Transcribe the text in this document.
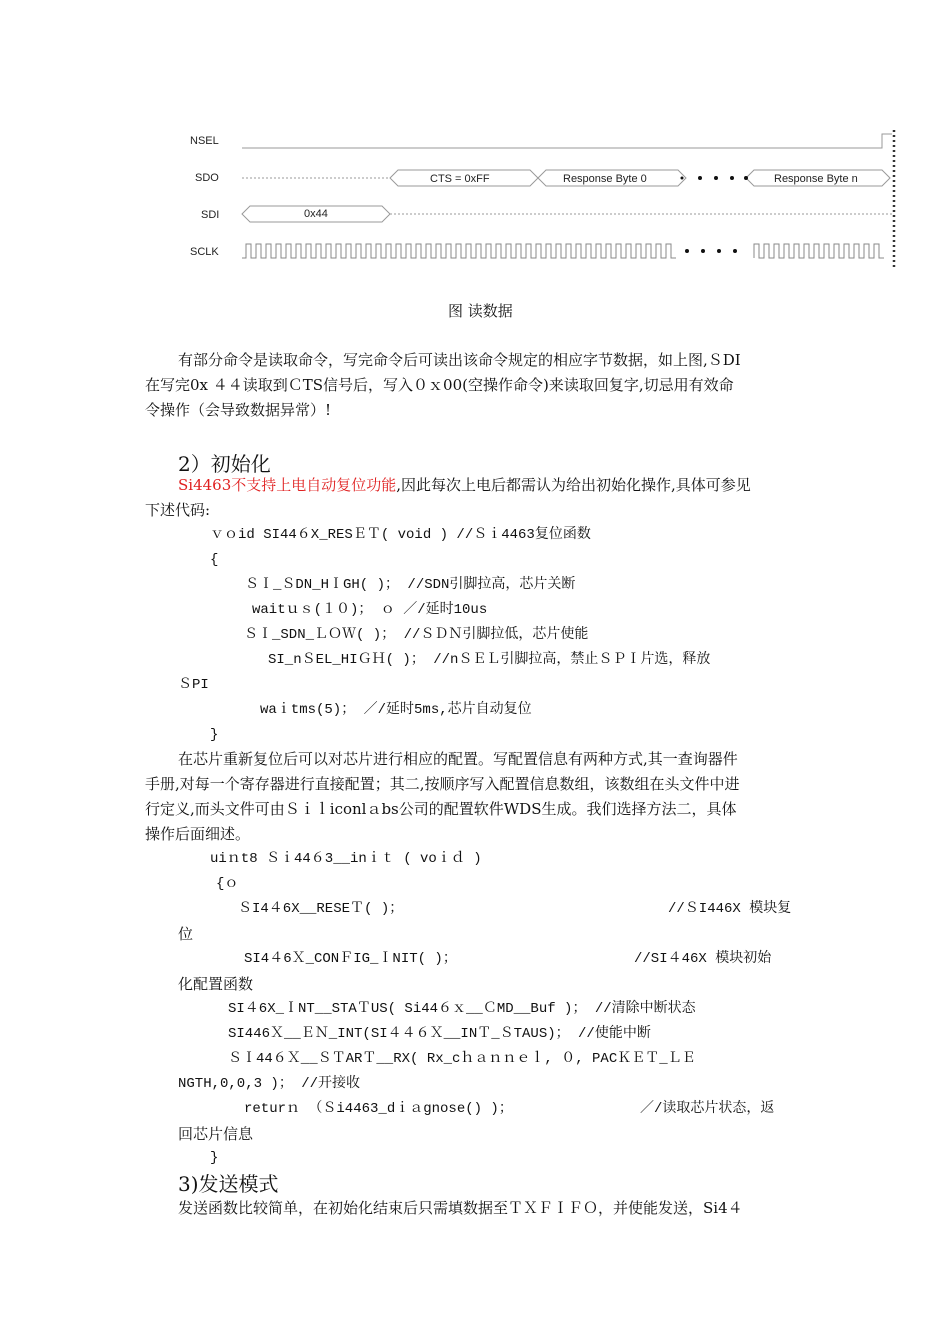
NSEL
SDO
SDI
SCLK
CTS = 0xFF	Response Byte 0	Response Byte n
0x44
图 读数据
有部分命令是读取命令，写完命令后可读出该命令规定的相应字节数据，如上图,ＳDI
在写完0x ４４读取到ＣTS信号后，写入０ｘ00(空操作命令)来读取回复字,切忌用有效命
令操作（会导致数据异常）!
2）初始化
Si4463不支持上电自动复位功能,因此每次上电后都需认为给出初始化操作,具体可参见
下述代码:
ｖｏid SI44６X_RESＥＴ( void ) //Ｓｉ4463复位函数
{
ＳＩ_ＳDN_HＩGH( )； //SDN引脚拉高，芯片关断
waitｕｓ(１０)； ｏ ／/延时10us
ＳＩ_SDN_ＬＯＷ( )； //ＳＤＮ引脚拉低，芯片使能
SI_nＳEL_HIＧＨ( )； //nＳＥＬ引脚拉高，禁止ＳＰＩ片选，释放
ＳPI
waｉtms(5)； ／/延时5ms,芯片自动复位
}
在芯片重新复位后可以对芯片进行相应的配置。写配置信息有两种方式,其一查询器件
手册,对每一个寄存器进行直接配置；其二,按顺序写入配置信息数组，该数组在头文件中进
行定义,而头文件可由Ｓｉｌiconlａbs公司的配置软件WDS生成。我们选择方法二，具体
操作后面细述。
uiｎt8 Ｓｉ44６3__inｉｔ ( voｉｄ )
{ｏ
ＳI4４6X__RESEＴ( )；	//ＳI446X 模块复
位
SI4４6Ｘ_CONＦIG_ＩNIT( )；	//SI４46X 模块初始
化配置函数
SI４6X_ＩNT__STAＴUS( Si44６ｘ__ＣMD__Buf )； //清除中断状态
SI446Ｘ__ＥＮ_INT(SI４４６Ｘ__INＴ_ＳTAUS)； //使能中断
ＳＩ44６Ｘ__ＳＴARＴ__RX( Rx_cｈａｎｎｅｌ, ０, PACＫＥＴ_ＬＥ
NGTH,0,0,3 )； //开接收
returｎ （Ｓi4463_dｉａgnose() )；	／/读取芯片状态，返
回芯片信息
}
3)发送模式
发送函数比较简单，在初始化结束后只需填数据至ＴＸＦＩＦＯ，并使能发送，Si4４
